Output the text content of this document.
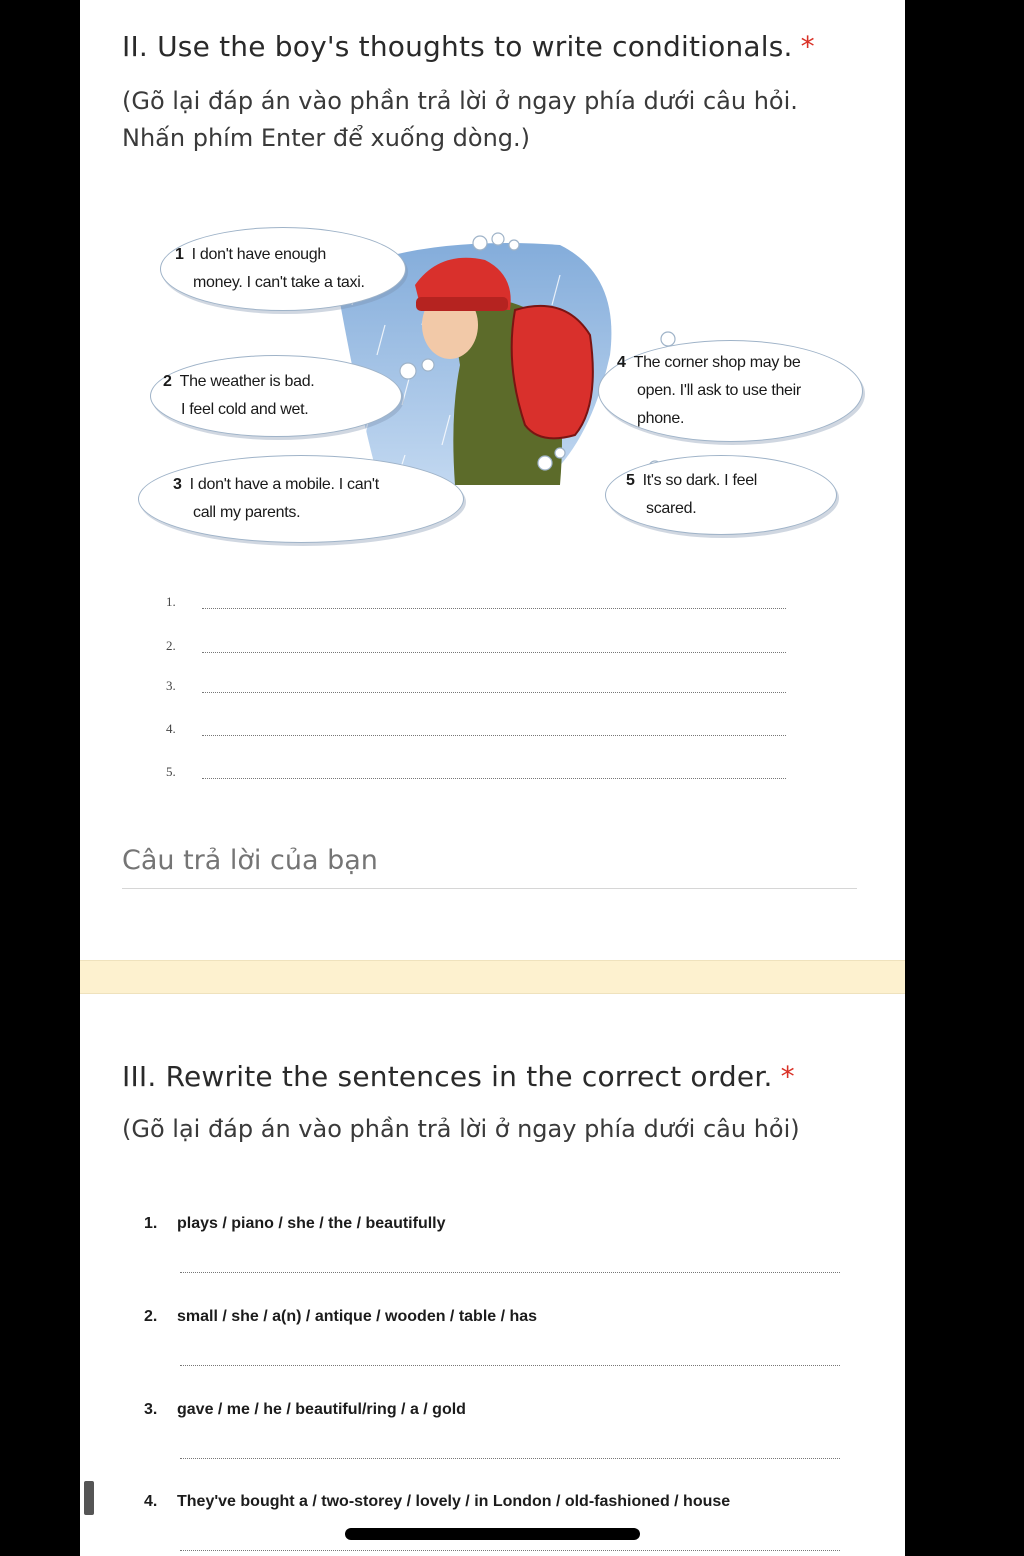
II. Use the boy's thoughts to write conditionals. *
(Gõ lại đáp án vào phần trả lời ở ngay phía dưới câu hỏi.
Nhấn phím Enter để xuống dòng.)
1 I don't have enough
money. I can't take a taxi.
2 The weather is bad.
I feel cold and wet.
3 I don't have a mobile. I can't
call my parents.
4 The corner shop may be
open. I'll ask to use their
phone.
5 It's so dark. I feel
scared.
1.
2.
3.
4.
5.
Câu trả lời của bạn
III. Rewrite the sentences in the correct order. *
(Gõ lại đáp án vào phần trả lời ở ngay phía dưới câu hỏi)
1. plays / piano / she / the / beautifully
2. small / she / a(n) / antique / wooden / table / has
3. gave / me / he / beautiful/ring / a / gold
4. They've bought a / two-storey / lovely / in London / old-fashioned / house
